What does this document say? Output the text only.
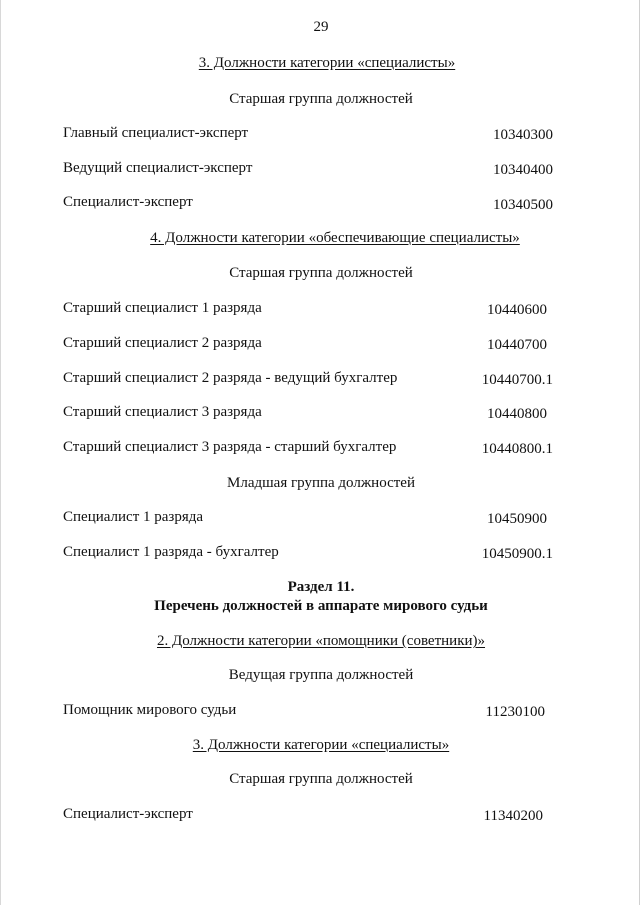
29
3. Должности категории «специалисты»
Старшая группа должностей
Главный специалист-эксперт	10340300
Ведущий специалист-эксперт	10340400
Специалист-эксперт	10340500
4. Должности категории «обеспечивающие специалисты»
Старшая группа должностей
Старший специалист 1 разряда	10440600
Старший специалист 2 разряда	10440700
Старший специалист 2 разряда - ведущий бухгалтер	10440700.1
Старший специалист 3 разряда	10440800
Старший специалист 3 разряда - старший бухгалтер	10440800.1
Младшая группа должностей
Специалист 1 разряда	10450900
Специалист 1 разряда - бухгалтер	10450900.1
Раздел 11.
Перечень должностей в аппарате мирового судьи
2. Должности категории «помощники (советники)»
Ведущая группа должностей
Помощник мирового судьи	11230100
3. Должности категории «специалисты»
Старшая группа должностей
Специалист-эксперт	11340200
